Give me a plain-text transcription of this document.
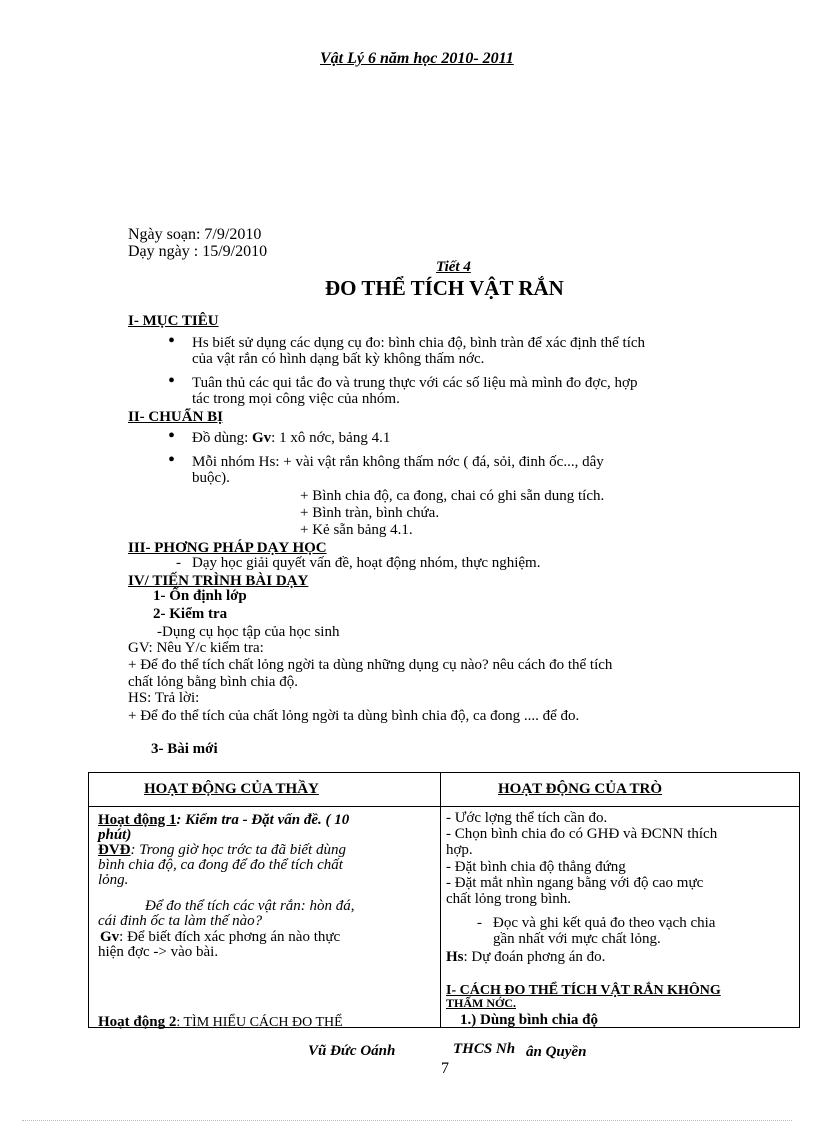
Vật Lý 6 năm học 2010- 2011
Ngày soạn: 7/9/2010
Dạy ngày : 15/9/2010
Tiết 4
ĐO THỂ TÍCH VẬT RẮN
I- MỤC TIÊU
• Hs biết sử dụng các dụng cụ đo: bình chia độ, bình tràn để xác định thể tích
của vật rắn có hình dạng bất kỳ không thấm nớc.
• Tuân thủ các qui tắc đo và trung thực với các số liệu mà mình đo đợc, hợp
tác trong mọi công việc của nhóm.
II- CHUẨN BỊ
• Đồ dùng: Gv: 1 xô nớc, bảng 4.1
• Mỗi nhóm Hs: + vài vật rắn không thấm nớc ( đá, sỏi, đinh ốc..., dây
buộc).
+ Bình chia độ, ca đong, chai có ghi sẵn dung tích.
+ Bình tràn, bình chứa.
+ Kẻ sẵn bảng 4.1.
III- PHƠNG PHÁP DẠY HỌC
- Dạy học giải quyết vấn đề, hoạt động nhóm, thực nghiệm.
IV/ TIẾN TRÌNH BÀI DẠY
1- Ổn định lớp
2- Kiểm tra
-Dụng cụ học tập của học sinh
GV: Nêu Y/c kiểm tra:
+ Để đo thể tích chất lỏng ngời ta dùng những dụng cụ nào? nêu cách đo thể tích
chất lỏng bằng bình chia độ.
HS: Trả lời:
+ Để đo thể tích của chất lỏng ngời ta dùng bình chia độ, ca đong .... để đo.
3- Bài mới
HOẠT ĐỘNG CỦA THẦY	HOẠT ĐỘNG CỦA TRÒ
Hoạt động 1: Kiểm tra - Đặt vấn đề. ( 10
phút)
ĐVĐ: Trong giờ học trớc ta đã biết dùng
bình chia độ, ca đong để đo thể tích chất
lỏng.
Để đo thể tích các vật rắn: hòn đá,
cái đinh ốc ta làm thế nào?
Gv: Để biết đích xác phơng án nào thực
hiện đợc -> vào bài.
Hoạt động 2: TÌM HIỂU CÁCH ĐO THỂ
- Ước lợng thể tích cần đo.
- Chọn bình chia đo có GHĐ và ĐCNN thích
hợp.
- Đặt bình chia độ thẳng đứng
- Đặt mắt nhìn ngang bằng với độ cao mực
chất lỏng trong bình.
- Đọc và ghi kết quả đo theo vạch chia
gần nhất với mực chất lỏng.
Hs: Dự đoán phơng án đo.
I- CÁCH ĐO THỂ TÍCH VẬT RẮN KHÔNG
THẤM NỚC.
1.) Dùng bình chia độ
Vũ Đức Oánh	THCS Nh ân Quyền
7
